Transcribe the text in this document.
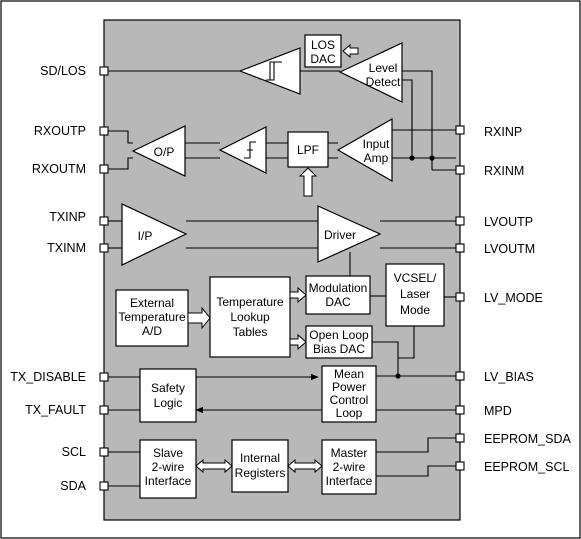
SD/LOS
RXOUTP
RXOUTM
TXINP
TXINM
TX_DISABLE
TX_FAULT
SCL
SDA
RXINP
RXINM
LVOUTP
LVOUTM
LV_MODE
LV_BIAS
MPD
EEPROM_SDA
EEPROM_SCL
LOS
DAC
Level
Detect
O/P	LPF	Input
Amp
I/P	Driver
External
Temperature
A/D
Temperature
Lookup
Tables
Modulation
DAC
VCSEL/
Laser
Mode
Open Loop
Bias DAC
Safety
Logic
Mean
Power
Control
Loop
Slave
2-wire
Interface
Internal
Registers
Master
2-wire
Interface
